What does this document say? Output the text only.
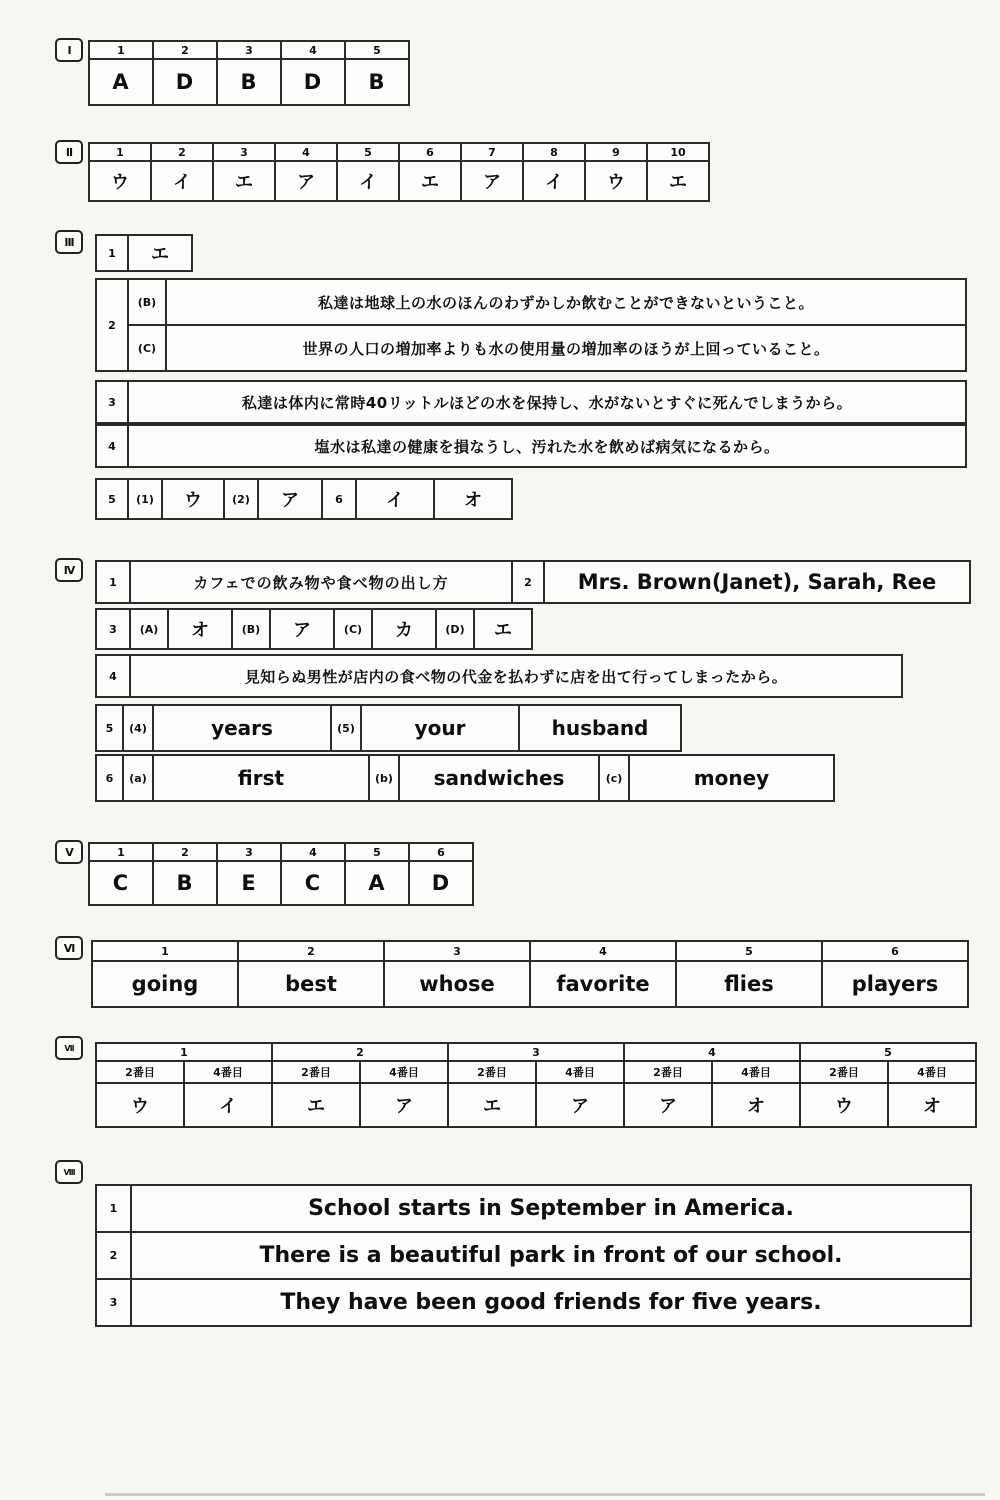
I	1	2	3	4	5
A	D	B	D	B
II	1	2	3	4	5	6	7	8	9	10
ウ	イ	エ	ア	イ	エ	ア	イ	ウ	エ
III
1	エ
2	(B)	私達は地球上の水のほんのわずかしか飲むことができないということ。
	(C)	世界の人口の増加率よりも水の使用量の増加率のほうが上回っていること。
3	私達は体内に常時40リットルほどの水を保持し、水がないとすぐに死んでしまうから。
4	塩水は私達の健康を損なうし、汚れた水を飲めば病気になるから。
5	(1)	ウ	(2)	ア	6	イ	オ
IV
1	カフェでの飲み物や食べ物の出し方	2	Mrs. Brown(Janet), Sarah, Ree
3	(A)	オ	(B)	ア	(C)	カ	(D)	エ
4	見知らぬ男性が店内の食べ物の代金を払わずに店を出て行ってしまったから。
5	(4)	years	(5)	your	husband
6	(a)	first	(b)	sandwiches	(c)	money
V	1	2	3	4	5	6
C	B	E	C	A	D
VI	1	2	3	4	5	6
going	best	whose	favorite	flies	players
VII	1		2		3		4		5	
2番目	4番目	2番目	4番目	2番目	4番目	2番目	4番目	2番目	4番目
ウ	イ	エ	ア	エ	ア	ア	オ	ウ	オ
VIII
1	School starts in September in America.
2	There is a beautiful park in front of our school.
3	They have been good friends for five years.
